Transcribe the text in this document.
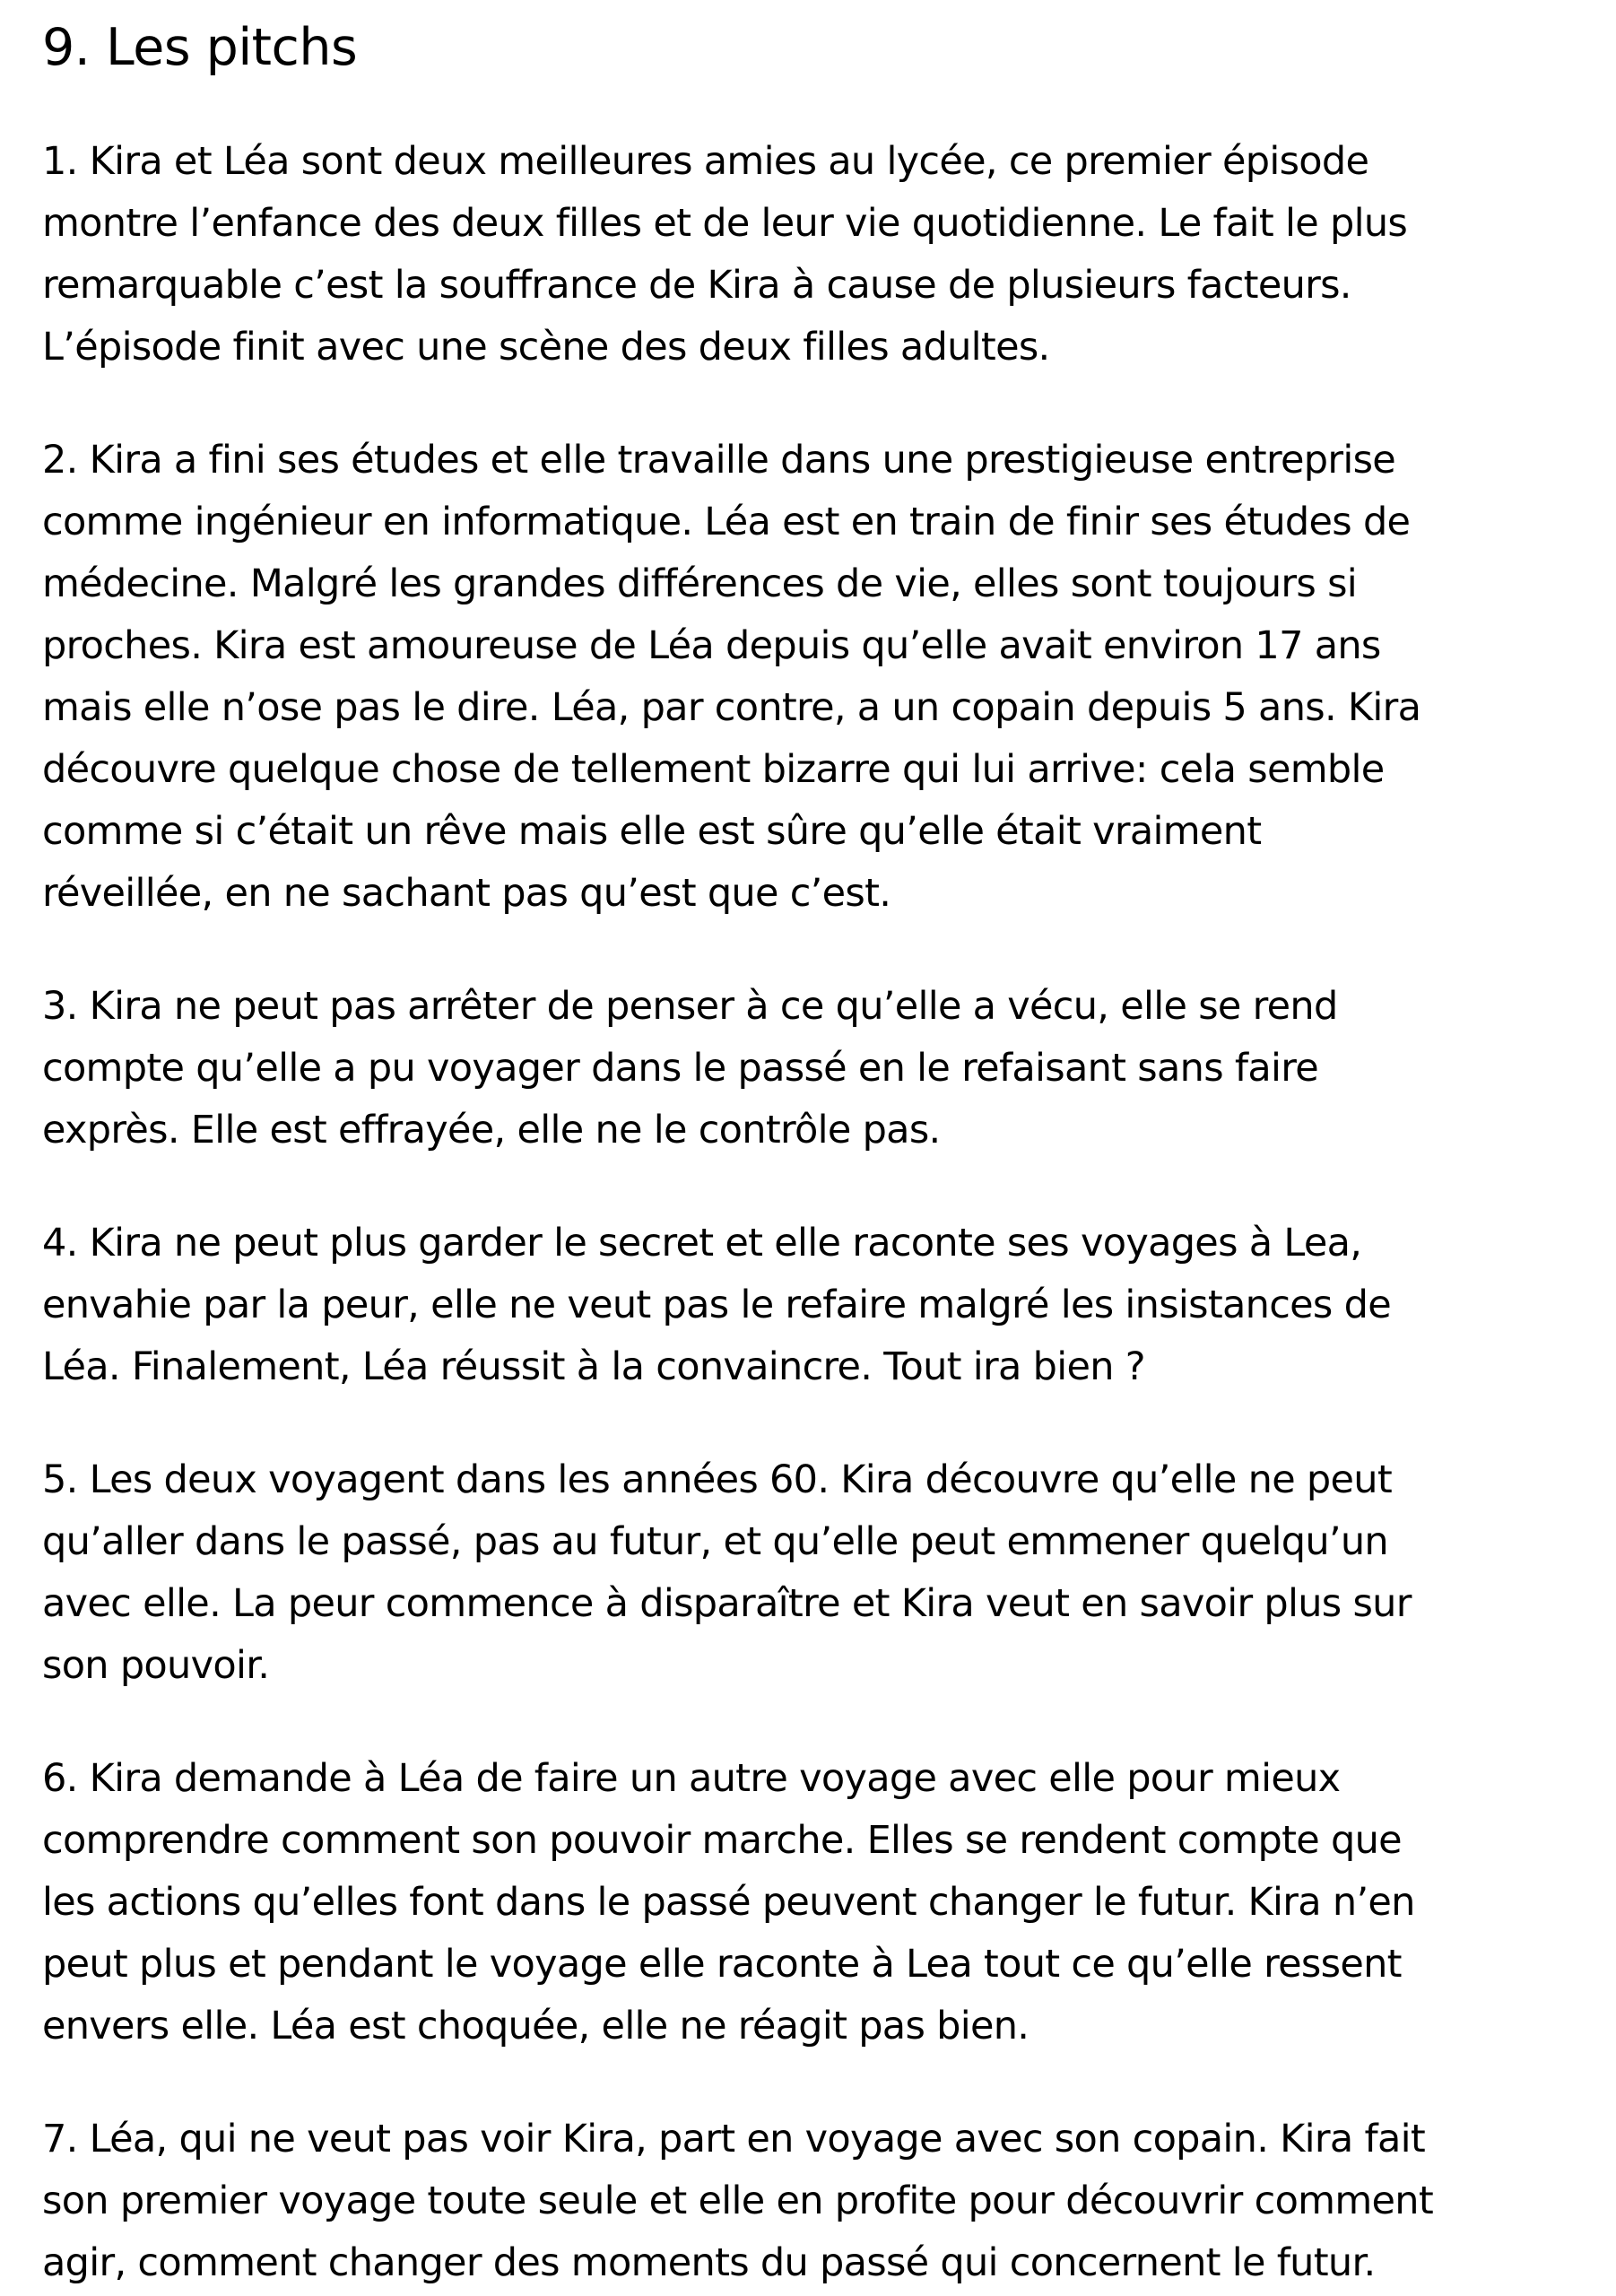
9. Les pitchs
1. Kira et Léa sont deux meilleures amies au lycée, ce premier épisode
montre l’enfance des deux filles et de leur vie quotidienne. Le fait le plus
remarquable c’est la souffrance de Kira à cause de plusieurs facteurs.
L’épisode finit avec une scène des deux filles adultes.
2. Kira a fini ses études et elle travaille dans une prestigieuse entreprise
comme ingénieur en informatique. Léa est en train de finir ses études de
médecine. Malgré les grandes différences de vie, elles sont toujours si
proches. Kira est amoureuse de Léa depuis qu’elle avait environ 17 ans
mais elle n’ose pas le dire. Léa, par contre, a un copain depuis 5 ans. Kira
découvre quelque chose de tellement bizarre qui lui arrive: cela semble
comme si c’était un rêve mais elle est sûre qu’elle était vraiment
réveillée, en ne sachant pas qu’est que c’est.
3. Kira ne peut pas arrêter de penser à ce qu’elle a vécu, elle se rend
compte qu’elle a pu voyager dans le passé en le refaisant sans faire
exprès. Elle est effrayée, elle ne le contrôle pas.
4. Kira ne peut plus garder le secret et elle raconte ses voyages à Lea,
envahie par la peur, elle ne veut pas le refaire malgré les insistances de
Léa. Finalement, Léa réussit à la convaincre. Tout ira bien ?
5. Les deux voyagent dans les années 60. Kira découvre qu’elle ne peut
qu’aller dans le passé, pas au futur, et qu’elle peut emmener quelqu’un
avec elle. La peur commence à disparaître et Kira veut en savoir plus sur
son pouvoir.
6. Kira demande à Léa de faire un autre voyage avec elle pour mieux
comprendre comment son pouvoir marche. Elles se rendent compte que
les actions qu’elles font dans le passé peuvent changer le futur. Kira n’en
peut plus et pendant le voyage elle raconte à Lea tout ce qu’elle ressent
envers elle. Léa est choquée, elle ne réagit pas bien.
7. Léa, qui ne veut pas voir Kira, part en voyage avec son copain. Kira fait
son premier voyage toute seule et elle en profite pour découvrir comment
agir, comment changer des moments du passé qui concernent le futur.
